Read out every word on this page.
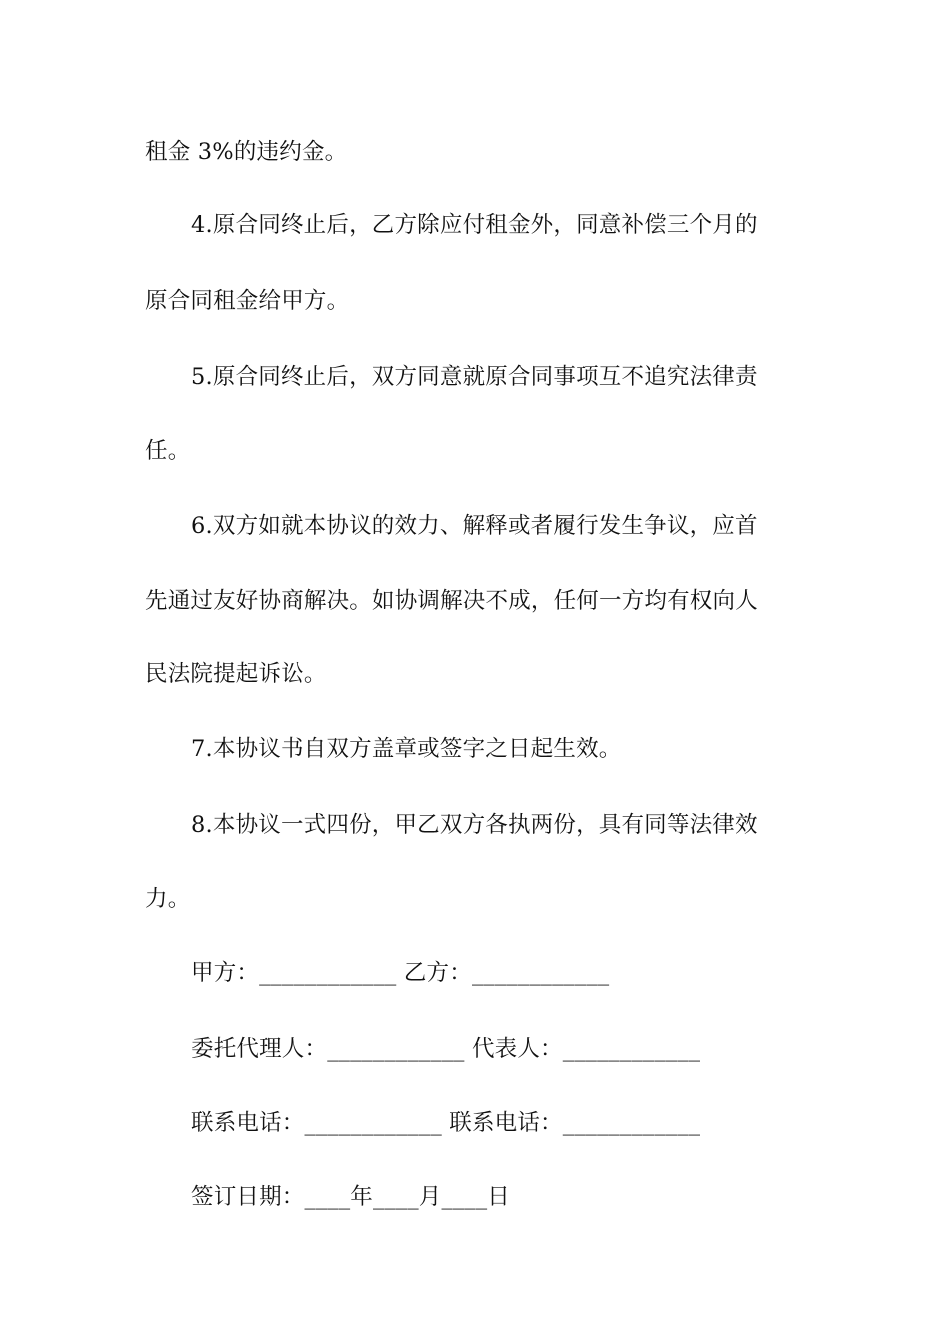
租金 3%的违约金。
4.原合同终止后，乙方除应付租金外，同意补偿三个月的
原合同租金给甲方。
5.原合同终止后，双方同意就原合同事项互不追究法律责
任。
6.双方如就本协议的效力、解释或者履行发生争议，应首
先通过友好协商解决。如协调解决不成，任何一方均有权向人
民法院提起诉讼。
7.本协议书自双方盖章或签字之日起生效。
8.本协议一式四份，甲乙双方各执两份，具有同等法律效
力。
甲方：____________ 乙方：____________
委托代理人：____________ 代表人：____________
联系电话：____________ 联系电话：____________
签订日期：____年____月____日
